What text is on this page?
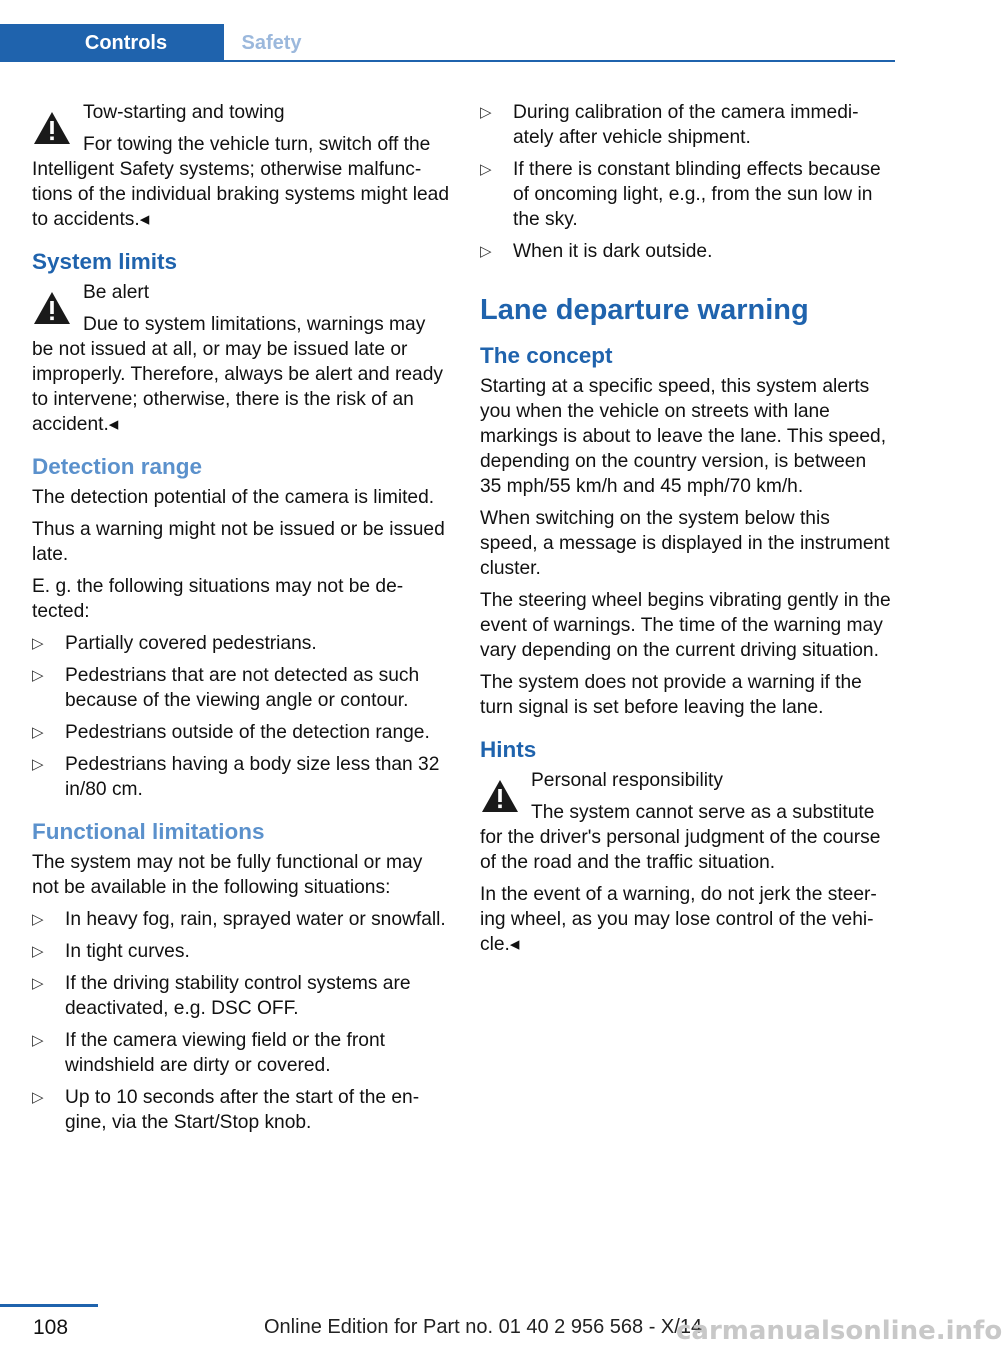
Controls	Safety
Tow-starting and towing
For towing the vehicle turn, switch off the
Intelligent Safety systems; otherwise malfunctions of the individual braking systems might lead to accidents.◂
System limits
Be alert
Due to system limitations, warnings may
be not issued at all, or may be issued late or improperly. Therefore, always be alert and ready to intervene; otherwise, there is the risk of an accident.◂
Detection range

The detection potential of the camera is limited.

Thus a warning might not be issued or be issued late.

E. g. the following situations may not be detected:

▷ Partially covered pedestrians.
▷ Pedestrians that are not detected as such because of the viewing angle or contour.
▷ Pedestrians outside of the detection range.
▷ Pedestrians having a body size less than 32 in/80 cm.
Functional limitations

The system may not be fully functional or may not be available in the following situations:

▷ In heavy fog, rain, sprayed water or snowfall.
▷ In tight curves.
▷ If the driving stability control systems are deactivated, e.g. DSC OFF.
▷ If the camera viewing field or the front windshield are dirty or covered.
▷ Up to 10 seconds after the start of the engine, via the Start/Stop knob.
▷ During calibration of the camera immediately after vehicle shipment.
▷ If there is constant blinding effects because of oncoming light, e.g., from the sun low in the sky.
▷ When it is dark outside.
Lane departure warning
The concept

Starting at a specific speed, this system alerts you when the vehicle on streets with lane markings is about to leave the lane. This speed, depending on the country version, is between 35 mph/55 km/h and 45 mph/70 km/h.

When switching on the system below this speed, a message is displayed in the instrument cluster.

The steering wheel begins vibrating gently in the event of warnings. The time of the warning may vary depending on the current driving situation.

The system does not provide a warning if the turn signal is set before leaving the lane.

Hints
Personal responsibility
The system cannot serve as a substitute
for the driver's personal judgment of the course of the road and the traffic situation.

In the event of a warning, do not jerk the steering wheel, as you may lose control of the vehicle.◂

108	Online Edition for Part no. 01 40 2 956 568 - X/14
carmanualsonline.info
